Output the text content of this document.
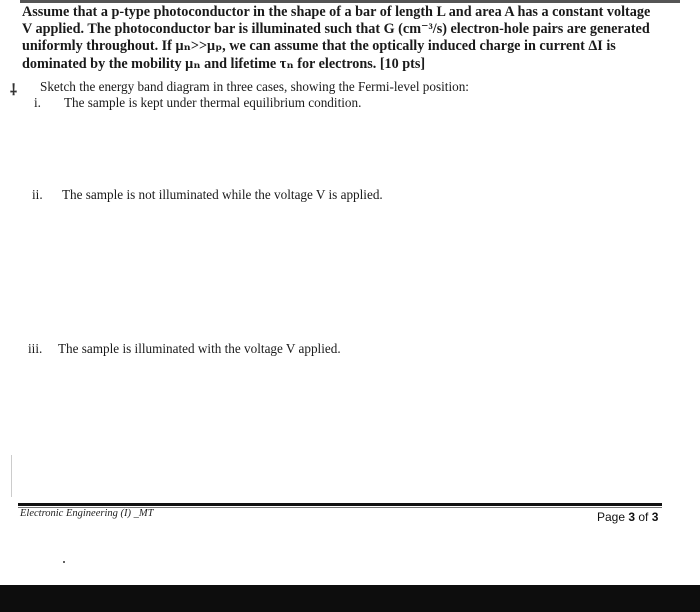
Assume that a p-type photoconductor in the shape of a bar of length L and area A has a constant voltage
V applied. The photoconductor bar is illuminated such that G (cm⁻³/s) electron-hole pairs are generated
uniformly throughout. If μₙ>>μₚ, we can assume that the optically induced charge in current ΔI is
dominated by the mobility μₙ and lifetime τₙ for electrons. [10 pts]
⸸ Sketch the energy band diagram in three cases, showing the Fermi-level position:
i. The sample is kept under thermal equilibrium condition.
ii. The sample is not illuminated while the voltage V is applied.
iii. The sample is illuminated with the voltage V applied.
Electronic Engineering (I) _MT	Page 3 of 3
